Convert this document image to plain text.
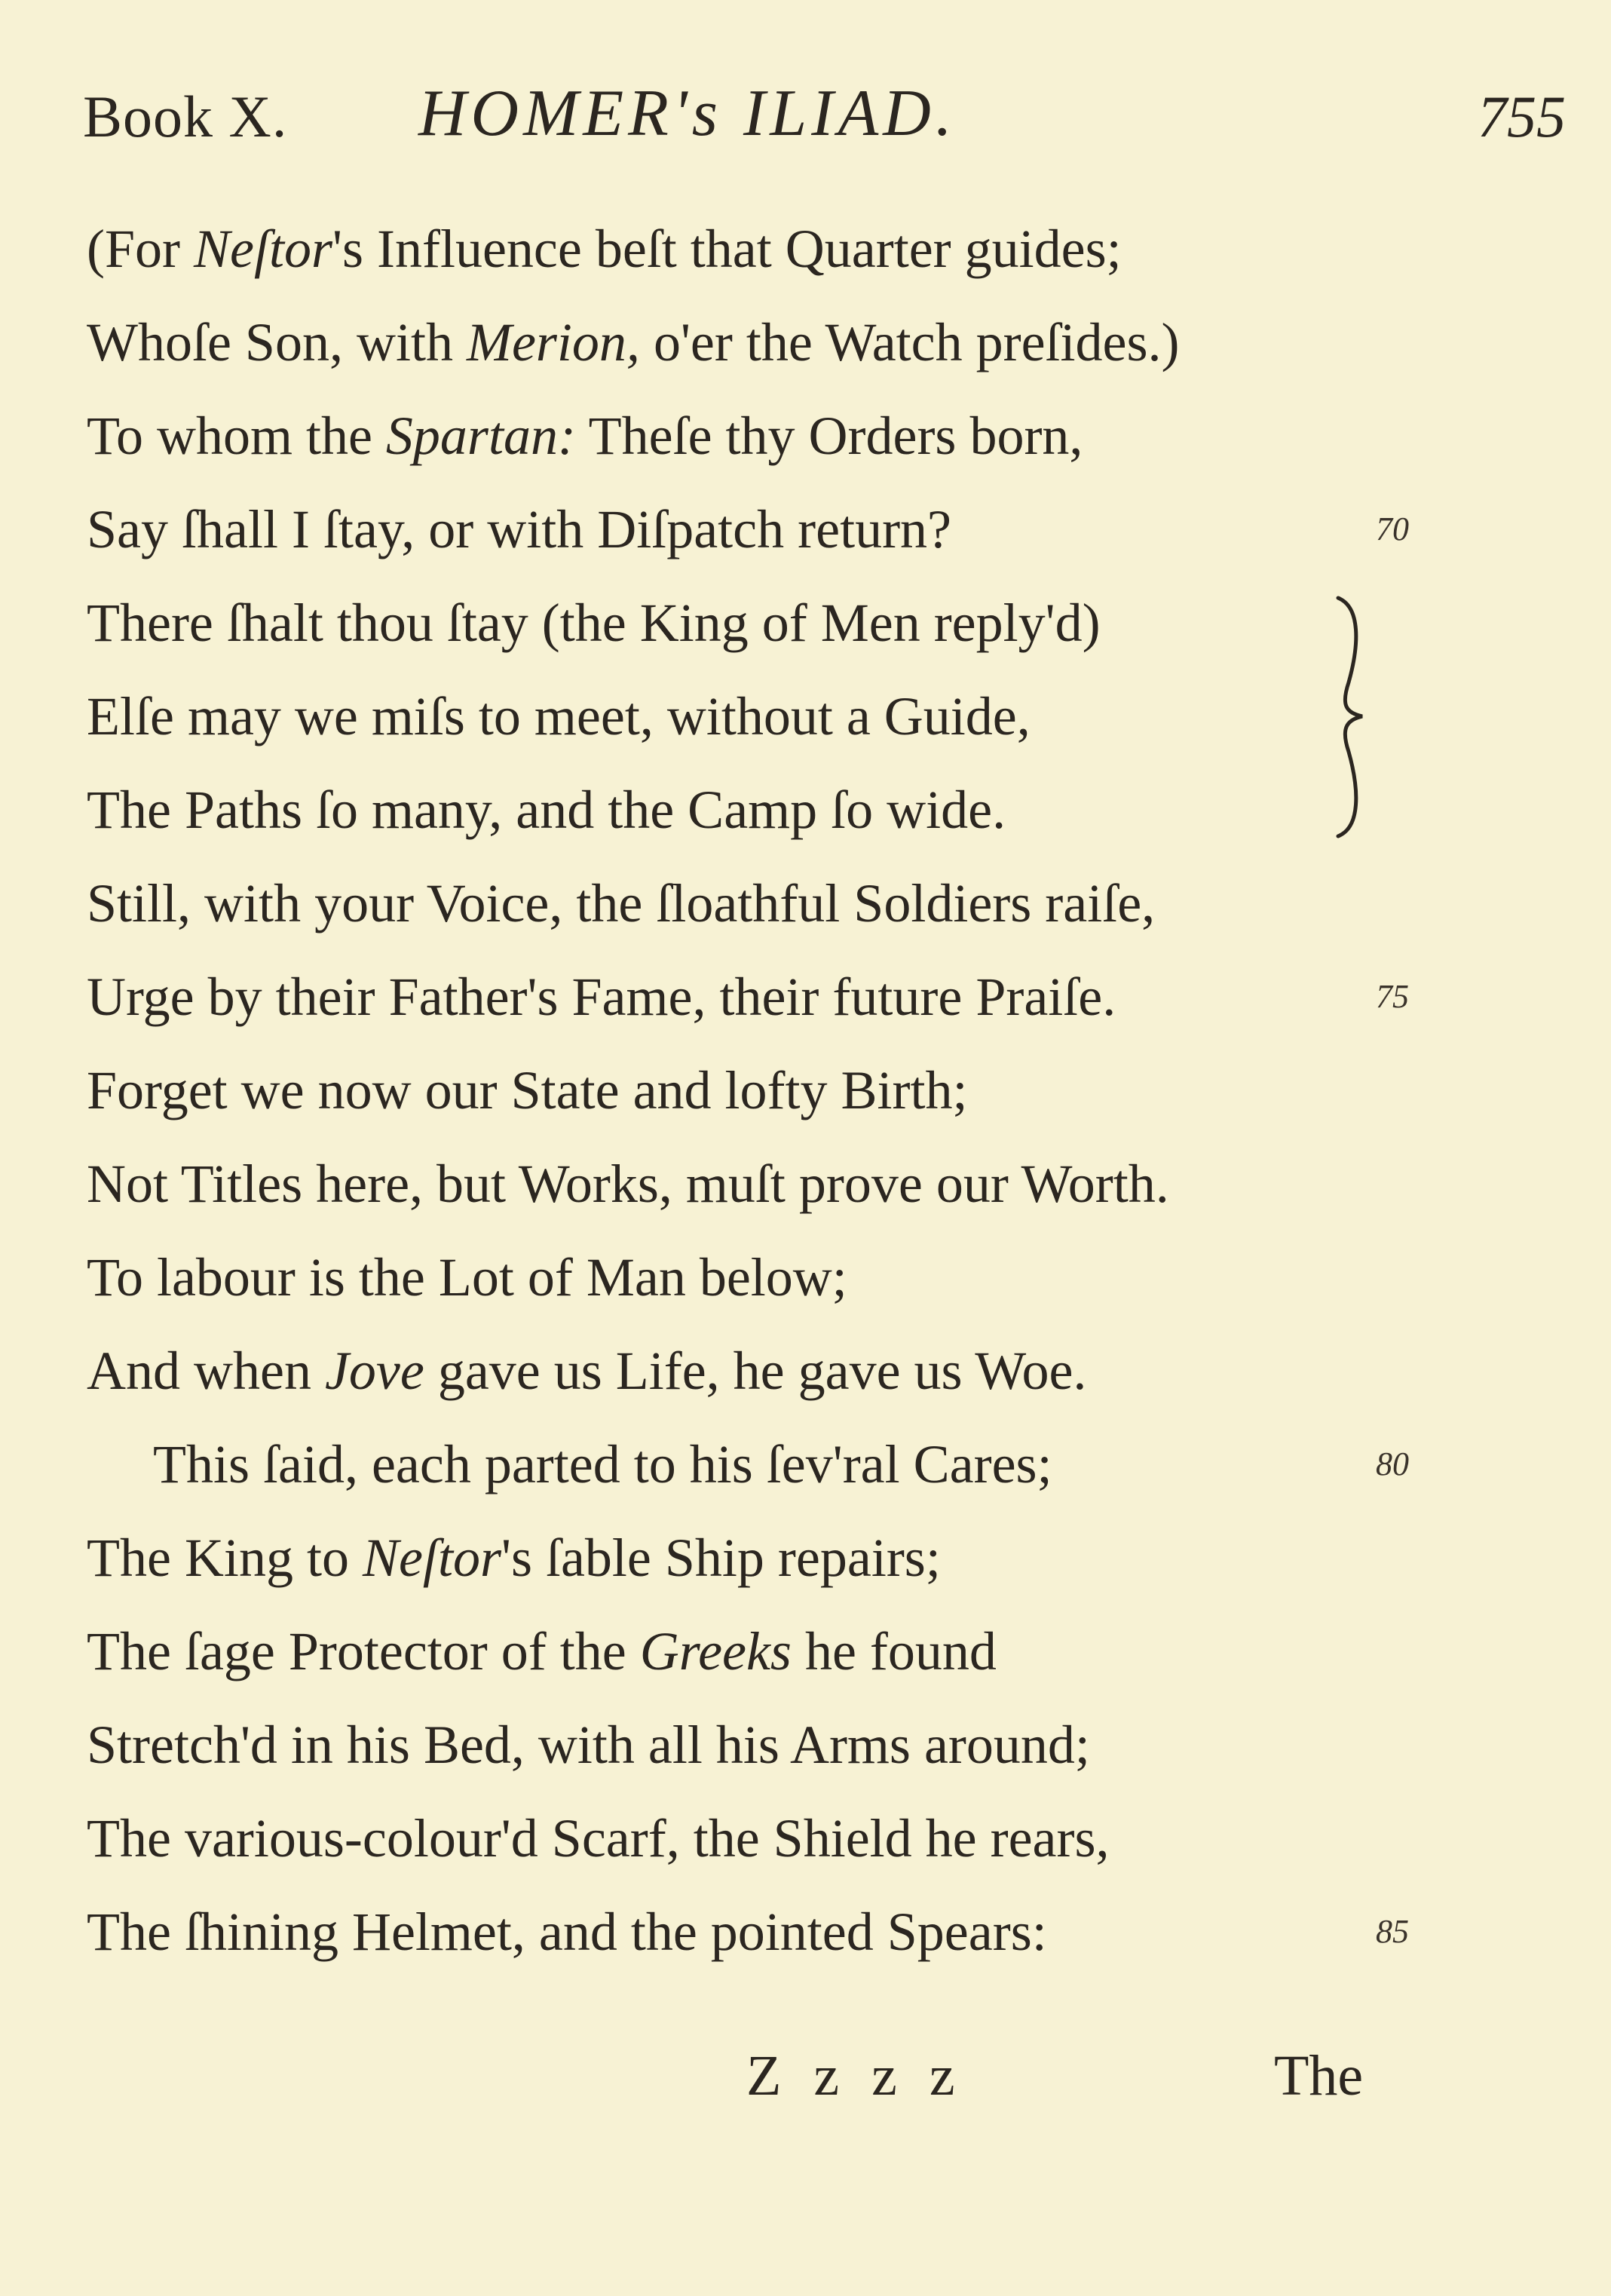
Book X. HOMER's ILIAD.	755
(For Neſtor's Influence beſt that Quarter guides;
Whoſe Son, with Merion, o'er the Watch preſides.)
To whom the Spartan: Theſe thy Orders born,
Say ſhall I ſtay, or with Diſpatch return?	70
There ſhalt thou ſtay (the King of Men reply'd)
Elſe may we miſs to meet, without a Guide,
The Paths ſo many, and the Camp ſo wide.
Still, with your Voice, the ſloathful Soldiers raiſe,
Urge by their Father's Fame, their future Praiſe.	75
Forget we now our State and lofty Birth;
Not Titles here, but Works, muſt prove our Worth.
To labour is the Lot of Man below;
And when Jove gave us Life, he gave us Woe.
This ſaid, each parted to his ſev'ral Cares;	80
The King to Neſtor's ſable Ship repairs;
The ſage Protector of the Greeks he found
Stretch'd in his Bed, with all his Arms around;
The various-colour'd Scarf, the Shield he rears,
The ſhining Helmet, and the pointed Spears:	85
Z z z z	The
